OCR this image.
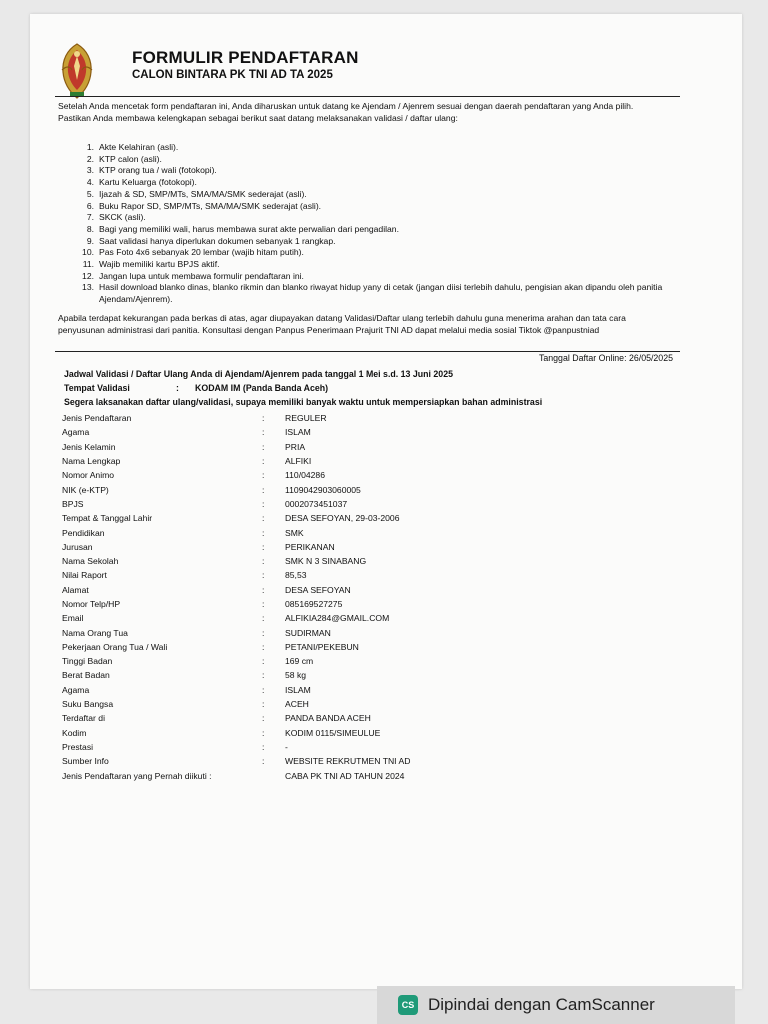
FORMULIR PENDAFTARAN
CALON BINTARA PK TNI AD TA 2025
Setelah Anda mencetak form pendaftaran ini, Anda diharuskan untuk datang ke Ajendam / Ajenrem sesuai dengan daerah pendaftaran yang Anda pilih. Pastikan Anda membawa kelengkapan sebagai berikut saat datang melaksanakan validasi / daftar ulang:
1. Akte Kelahiran (asli).
2. KTP calon (asli).
3. KTP orang tua / wali (fotokopi).
4. Kartu Keluarga (fotokopi).
5. Ijazah & SD, SMP/MTs, SMA/MA/SMK sederajat (asli).
6. Buku Rapor SD, SMP/MTs, SMA/MA/SMK sederajat (asli).
7. SKCK (asli).
8. Bagi yang memiliki wali, harus membawa surat akte perwalian dari pengadilan.
9. Saat validasi hanya diperlukan dokumen sebanyak 1 rangkap.
10. Pas Foto 4x6 sebanyak 20 lembar (wajib hitam putih).
11. Wajib memiliki kartu BPJS aktif.
12. Jangan lupa untuk membawa formulir pendaftaran ini.
13. Hasil download blanko dinas, blanko rikmin dan blanko riwayat hidup yany di cetak (jangan diisi terlebih dahulu, pengisian akan dipandu oleh panitia Ajendam/Ajenrem).
Apabila terdapat kekurangan pada berkas di atas, agar diupayakan datang Validasi/Daftar ulang terlebih dahulu guna menerima arahan dan tata cara penyusunan administrasi dari panitia. Konsultasi dengan Panpus Penerimaan Prajurit TNI AD dapat melalui media sosial Tiktok @panpustniad
Tanggal Daftar Online: 26/05/2025
Jadwal Validasi / Daftar Ulang Anda di Ajendam/Ajenrem pada tanggal 1 Mei s.d. 13 Juni 2025
Tempat Validasi	: KODAM IM (Panda Banda Aceh)
Segera laksanakan daftar ulang/validasi, supaya memiliki banyak waktu untuk mempersiapkan bahan administrasi
Jenis Pendaftaran	:	REGULER
Agama	:	ISLAM
Jenis Kelamin	:	PRIA
Nama Lengkap	:	ALFIKI
Nomor Animo	:	110/04286
NIK (e-KTP)	:	1109042903060005
BPJS	:	0002073451037
Tempat & Tanggal Lahir	:	DESA SEFOYAN, 29-03-2006
Pendidikan	:	SMK
Jurusan	:	PERIKANAN
Nama Sekolah	:	SMK N 3 SINABANG
Nilai Raport	:	85,53
Alamat	:	DESA SEFOYAN
Nomor Telp/HP	:	085169527275
Email	:	ALFIKIA284@GMAIL.COM
Nama Orang Tua	:	SUDIRMAN
Pekerjaan Orang Tua / Wali	:	PETANI/PEKEBUN
Tinggi Badan	:	169 cm
Berat Badan	:	58 kg
Agama	:	ISLAM
Suku Bangsa	:	ACEH
Terdaftar di	:	PANDA BANDA ACEH
Kodim	:	KODIM 0115/SIMEULUE
Prestasi	:	-
Sumber Info	:	WEBSITE REKRUTMEN TNI AD
Jenis Pendaftaran yang Pernah diikuti :	CABA PK TNI AD TAHUN 2024
CS Dipindai dengan CamScanner
